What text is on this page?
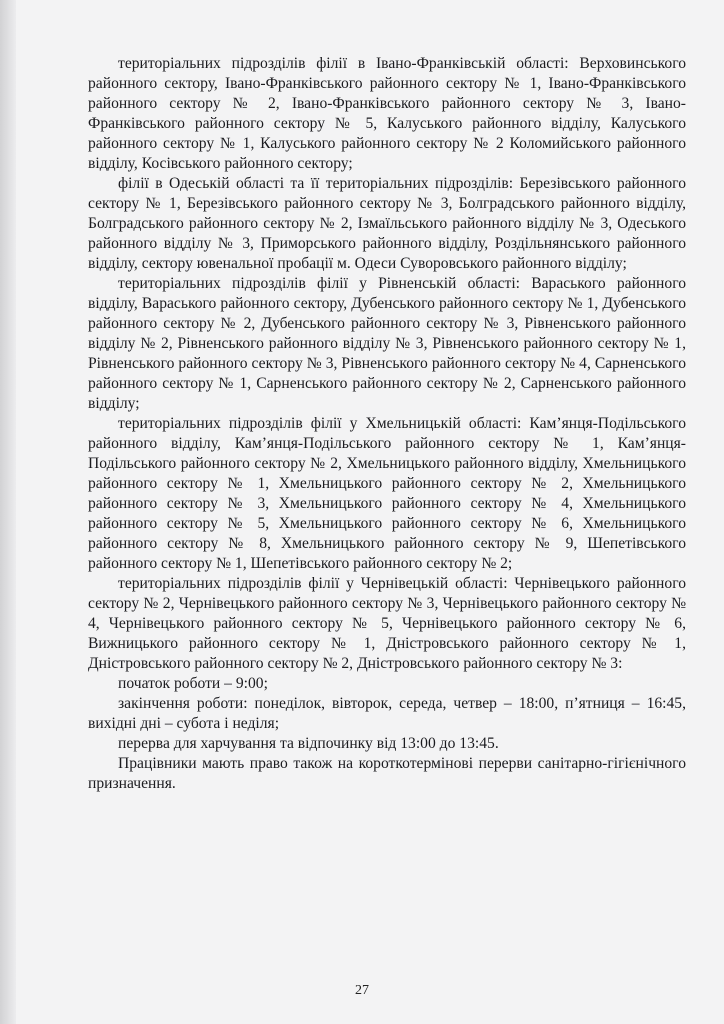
територіальних підрозділів філії в Івано-Франківській області: Верховинського районного сектору, Івано-Франківського районного сектору № 1, Івано-Франківського районного сектору № 2, Івано-Франківського районного сектору № 3, Івано-Франківського районного сектору № 5, Калуського районного відділу, Калуського районного сектору № 1, Калуського районного сектору № 2 Коломийського районного відділу, Косівського районного сектору;

філії в Одеській області та її територіальних підрозділів: Березівського районного сектору № 1, Березівського районного сектору № 3, Болградського районного відділу, Болградського районного сектору № 2, Ізмаїльського районного відділу № 3, Одеського районного відділу № 3, Приморського районного відділу, Роздільнянського районного відділу, сектору ювенальної пробації м. Одеси Суворовського районного відділу;

територіальних підрозділів філії у Рівненській області: Вараського районного відділу, Вараського районного сектору, Дубенського районного сектору № 1, Дубенського районного сектору № 2, Дубенського районного сектору № 3, Рівненського районного відділу № 2, Рівненського районного відділу № 3, Рівненського районного сектору № 1, Рівненського районного сектору № 3, Рівненського районного сектору № 4, Сарненського районного сектору № 1, Сарненського районного сектору № 2, Сарненського районного відділу;

територіальних підрозділів філії у Хмельницькій області: Кам’янця-Подільського районного відділу, Кам’янця-Подільського районного сектору № 1, Кам’янця-Подільського районного сектору № 2, Хмельницького районного відділу, Хмельницького районного сектору № 1, Хмельницького районного сектору № 2, Хмельницького районного сектору № 3, Хмельницького районного сектору № 4, Хмельницького районного сектору № 5, Хмельницького районного сектору № 6, Хмельницького районного сектору № 8, Хмельницького районного сектору № 9, Шепетівського районного сектору № 1, Шепетівського районного сектору № 2;

територіальних підрозділів філії у Чернівецькій області: Чернівецького районного сектору № 2, Чернівецького районного сектору № 3, Чернівецького районного сектору № 4, Чернівецького районного сектору № 5, Чернівецького районного сектору № 6, Вижницького районного сектору № 1, Дністровського районного сектору № 1, Дністровського районного сектору № 2, Дністровського районного сектору № 3:

початок роботи – 9:00;

закінчення роботи: понеділок, вівторок, середа, четвер – 18:00, п’ятниця – 16:45, вихідні дні – субота і неділя;

перерва для харчування та відпочинку від 13:00 до 13:45.

Працівники мають право також на короткотермінові перерви санітарно-гігієнічного призначення.

27
